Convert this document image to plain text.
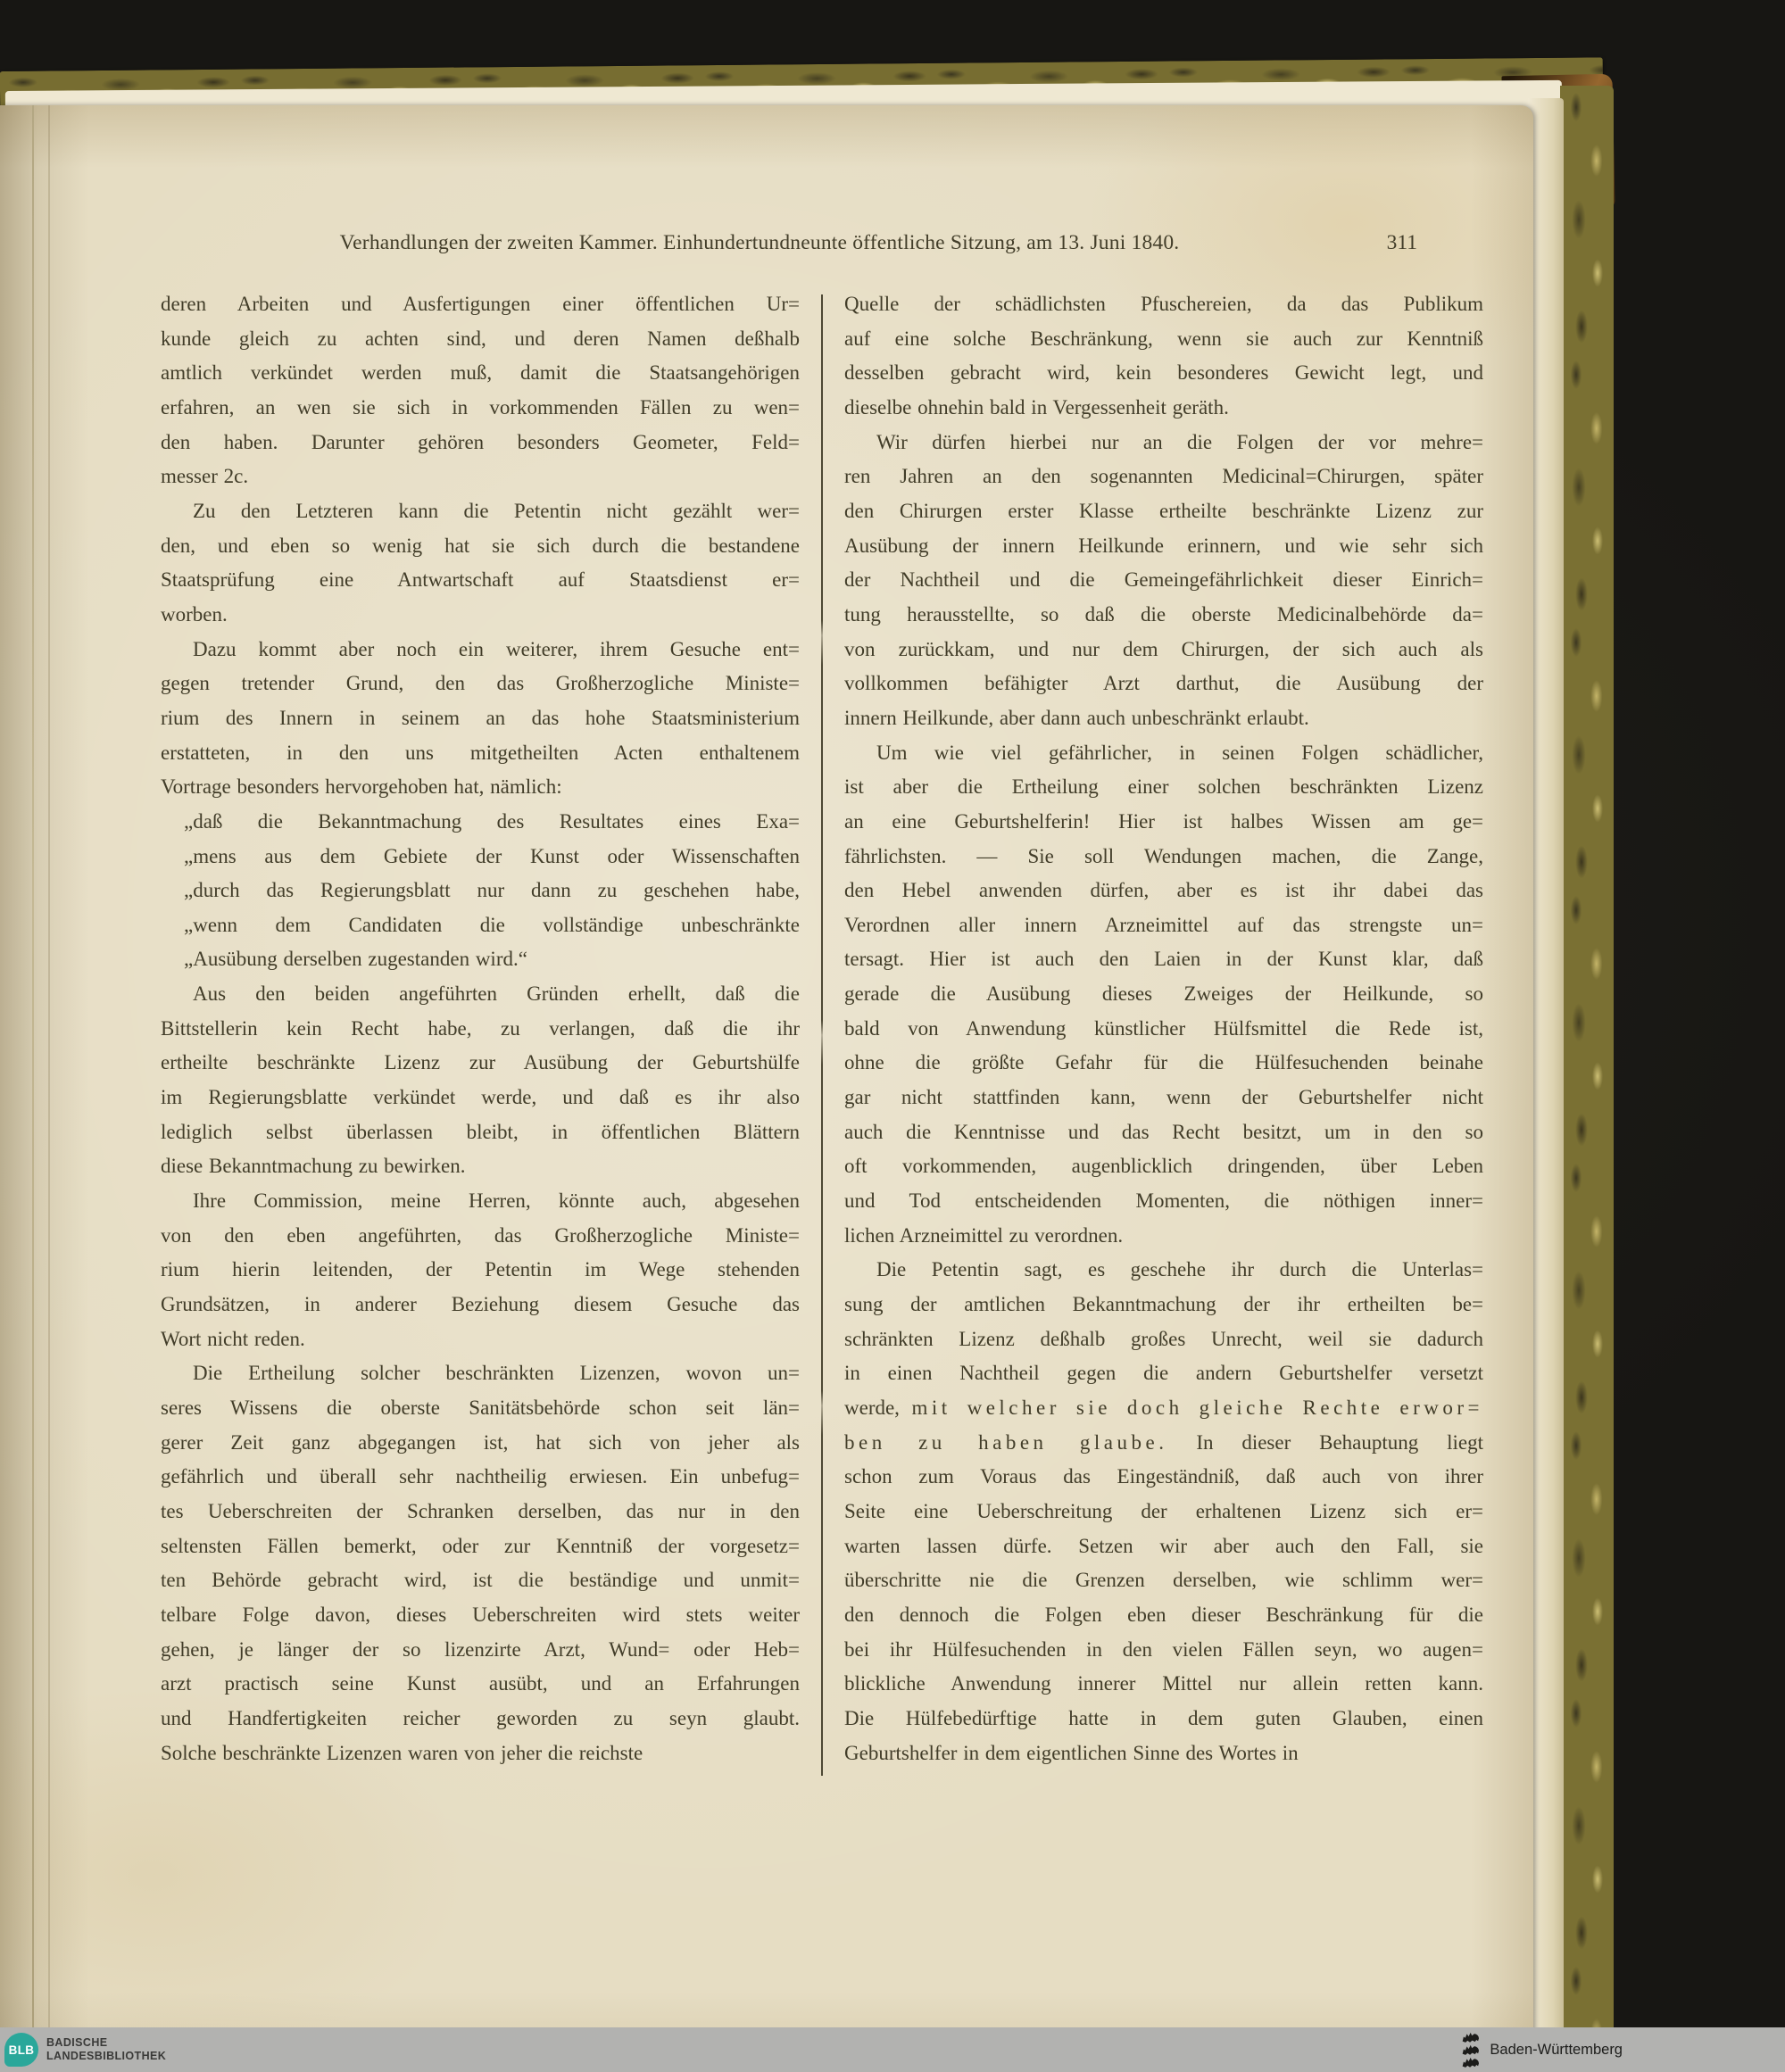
Verhandlungen der zweiten Kammer. Einhundertundneunte öffentliche Sitzung, am 13. Juni 1840.	311
deren Arbeiten und Ausfertigungen einer öffentlichen Ur=
kunde gleich zu achten sind, und deren Namen deßhalb
amtlich verkündet werden muß, damit die Staatsangehörigen
erfahren, an wen sie sich in vorkommenden Fällen zu wen=
den haben. Darunter gehören besonders Geometer, Feld=
messer 2c.
Zu den Letzteren kann die Petentin nicht gezählt wer=
den, und eben so wenig hat sie sich durch die bestandene
Staatsprüfung eine Antwartschaft auf Staatsdienst er=
worben.
Dazu kommt aber noch ein weiterer, ihrem Gesuche ent=
gegen tretender Grund, den das Großherzogliche Ministe=
rium des Innern in seinem an das hohe Staatsministerium
erstatteten, in den uns mitgetheilten Acten enthaltenem
Vortrage besonders hervorgehoben hat, nämlich:
„daß die Bekanntmachung des Resultates eines Exa=
„mens aus dem Gebiete der Kunst oder Wissenschaften
„durch das Regierungsblatt nur dann zu geschehen habe,
„wenn dem Candidaten die vollständige unbeschränkte
„Ausübung derselben zugestanden wird.“
Aus den beiden angeführten Gründen erhellt, daß die
Bittstellerin kein Recht habe, zu verlangen, daß die ihr
ertheilte beschränkte Lizenz zur Ausübung der Geburtshülfe
im Regierungsblatte verkündet werde, und daß es ihr also
lediglich selbst überlassen bleibt, in öffentlichen Blättern
diese Bekanntmachung zu bewirken.
Ihre Commission, meine Herren, könnte auch, abgesehen
von den eben angeführten, das Großherzogliche Ministe=
rium hierin leitenden, der Petentin im Wege stehenden
Grundsätzen, in anderer Beziehung diesem Gesuche das
Wort nicht reden.
Die Ertheilung solcher beschränkten Lizenzen, wovon un=
seres Wissens die oberste Sanitätsbehörde schon seit län=
gerer Zeit ganz abgegangen ist, hat sich von jeher als
gefährlich und überall sehr nachtheilig erwiesen. Ein unbefug=
tes Ueberschreiten der Schranken derselben, das nur in den
seltensten Fällen bemerkt, oder zur Kenntniß der vorgesetz=
ten Behörde gebracht wird, ist die beständige und unmit=
telbare Folge davon, dieses Ueberschreiten wird stets weiter
gehen, je länger der so lizenzirte Arzt, Wund= oder Heb=
arzt practisch seine Kunst ausübt, und an Erfahrungen
und Handfertigkeiten reicher geworden zu seyn glaubt.
Solche beschränkte Lizenzen waren von jeher die reichste
Quelle der schädlichsten Pfuschereien, da das Publikum
auf eine solche Beschränkung, wenn sie auch zur Kenntniß
desselben gebracht wird, kein besonderes Gewicht legt, und
dieselbe ohnehin bald in Vergessenheit geräth.
Wir dürfen hierbei nur an die Folgen der vor mehre=
ren Jahren an den sogenannten Medicinal=Chirurgen, später
den Chirurgen erster Klasse ertheilte beschränkte Lizenz zur
Ausübung der innern Heilkunde erinnern, und wie sehr sich
der Nachtheil und die Gemeingefährlichkeit dieser Einrich=
tung herausstellte, so daß die oberste Medicinalbehörde da=
von zurückkam, und nur dem Chirurgen, der sich auch als
vollkommen befähigter Arzt darthut, die Ausübung der
innern Heilkunde, aber dann auch unbeschränkt erlaubt.
Um wie viel gefährlicher, in seinen Folgen schädlicher,
ist aber die Ertheilung einer solchen beschränkten Lizenz
an eine Geburtshelferin! Hier ist halbes Wissen am ge=
fährlichsten. — Sie soll Wendungen machen, die Zange,
den Hebel anwenden dürfen, aber es ist ihr dabei das
Verordnen aller innern Arzneimittel auf das strengste un=
tersagt. Hier ist auch den Laien in der Kunst klar, daß
gerade die Ausübung dieses Zweiges der Heilkunde, so
bald von Anwendung künstlicher Hülfsmittel die Rede ist,
ohne die größte Gefahr für die Hülfesuchenden beinahe
gar nicht stattfinden kann, wenn der Geburtshelfer nicht
auch die Kenntnisse und das Recht besitzt, um in den so
oft vorkommenden, augenblicklich dringenden, über Leben
und Tod entscheidenden Momenten, die nöthigen inner=
lichen Arzneimittel zu verordnen.
Die Petentin sagt, es geschehe ihr durch die Unterlas=
sung der amtlichen Bekanntmachung der ihr ertheilten be=
schränkten Lizenz deßhalb großes Unrecht, weil sie dadurch
in einen Nachtheil gegen die andern Geburtshelfer versetzt
werde, mit welcher sie doch gleiche Rechte erwor=
ben zu haben glaube. In dieser Behauptung liegt
schon zum Voraus das Eingeständniß, daß auch von ihrer
Seite eine Ueberschreitung der erhaltenen Lizenz sich er=
warten lassen dürfe. Setzen wir aber auch den Fall, sie
überschritte nie die Grenzen derselben, wie schlimm wer=
den dennoch die Folgen eben dieser Beschränkung für die
bei ihr Hülfesuchenden in den vielen Fällen seyn, wo augen=
blickliche Anwendung innerer Mittel nur allein retten kann.
Die Hülfebedürftige hatte in dem guten Glauben, einen
Geburtshelfer in dem eigentlichen Sinne des Wortes in
BLB
BADISCHE
LANDESBIBLIOTHEK	Baden-Württemberg
